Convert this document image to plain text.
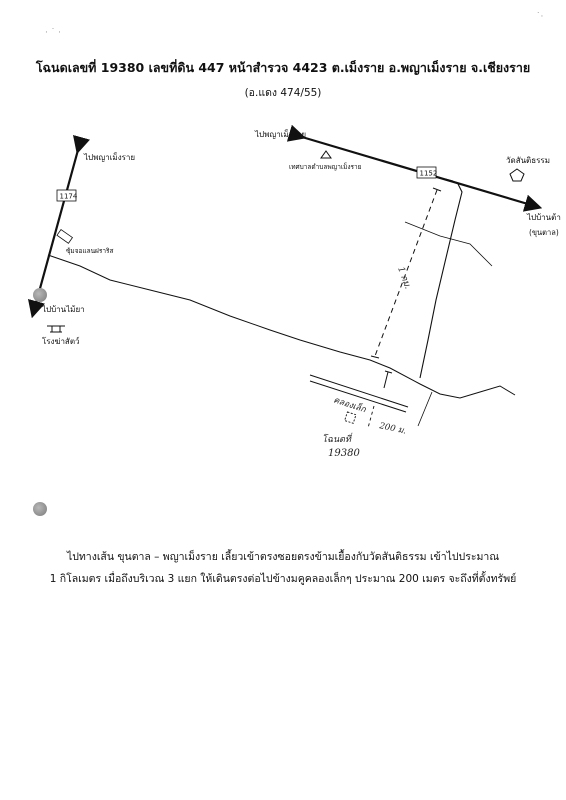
· ˙ ·
˙‧
โฉนดเลขที่ 19380 เลขที่ดิน 447 หน้าสำรวจ 4423 ต.เม็งราย อ.พญาเม็งราย จ.เชียงราย
(อ.แดง 474/55)
ไปพญาเม็งราย
1174
ซุ้มจอแลนฝราริส
ไปบ้านไม้ยา
โรงฆ่าสัตว์
ไปพญาเม็งราย
เทศบาลตำบลพญาเม็งราย
1152
วัดสันติธรรม
ไปบ้านต้า
(ขุนตาล)
1 กม.
คลองเล็ก
200 ม.
โฉนดที่
19380
ไปทางเส้น ขุนตาล – พญาเม็งราย เลี้ยวเข้าตรงซอยตรงข้ามเยื้องกับวัดสันติธรรม เข้าไปประมาณ
1 กิโลเมตร เมื่อถึงบริเวณ 3 แยก ให้เดินตรงต่อไปข้างมคูคลองเล็กๆ ประมาณ 200 เมตร จะถึงที่ตั้งทรัพย์
